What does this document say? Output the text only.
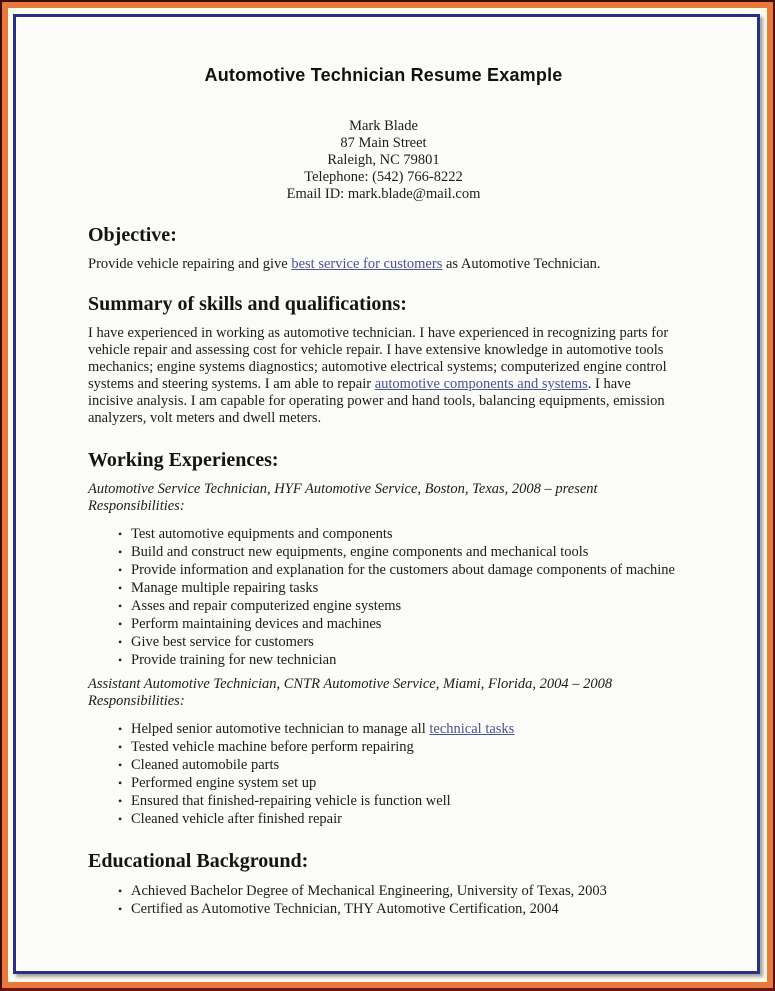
Automotive Technician Resume Example
Mark Blade
87 Main Street
Raleigh, NC 79801
Telephone: (542) 766-8222
Email ID: mark.blade@mail.com
Objective:

Provide vehicle repairing and give best service for customers as Automotive Technician.

Summary of skills and qualifications:

I have experienced in working as automotive technician. I have experienced in recognizing parts for vehicle repair and assessing cost for vehicle repair. I have extensive knowledge in automotive tools mechanics; engine systems diagnostics; automotive electrical systems; computerized engine control systems and steering systems. I am able to repair automotive components and systems. I have incisive analysis. I am capable for operating power and hand tools, balancing equipments, emission analyzers, volt meters and dwell meters.

Working Experiences:
Automotive Service Technician, HYF Automotive Service, Boston, Texas, 2008 – present
Responsibilities:
• Test automotive equipments and components
• Build and construct new equipments, engine components and mechanical tools
• Provide information and explanation for the customers about damage components of machine
• Manage multiple repairing tasks
• Asses and repair computerized engine systems
• Perform maintaining devices and machines
• Give best service for customers
• Provide training for new technician
Assistant Automotive Technician, CNTR Automotive Service, Miami, Florida, 2004 – 2008
Responsibilities:
• Helped senior automotive technician to manage all technical tasks
• Tested vehicle machine before perform repairing
• Cleaned automobile parts
• Performed engine system set up
• Ensured that finished-repairing vehicle is function well
• Cleaned vehicle after finished repair
Educational Background:
• Achieved Bachelor Degree of Mechanical Engineering, University of Texas, 2003
• Certified as Automotive Technician, THY Automotive Certification, 2004
